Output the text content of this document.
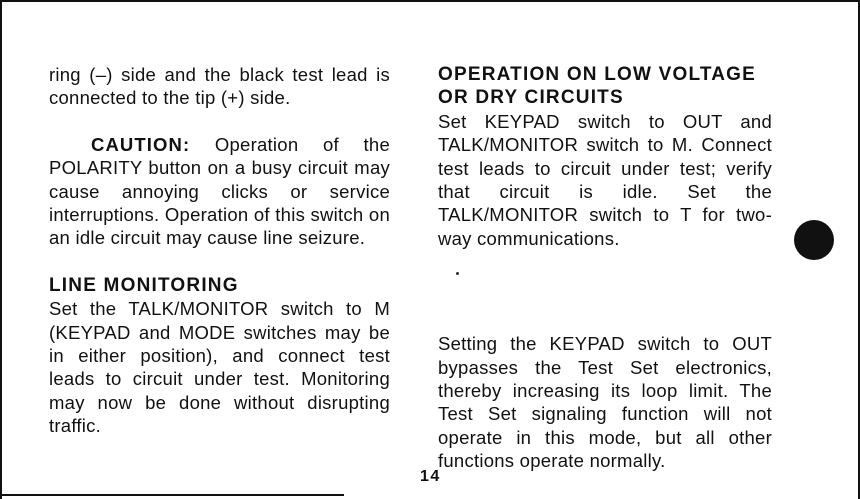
ring (–) side and the black test lead is connected to the tip (+) side.

CAUTION: Operation of the POLARITY button on a busy circuit may cause annoying clicks or service interruptions. Operation of this switch on an idle circuit may cause line seizure.

LINE MONITORING

Set the TALK/MONITOR switch to M (KEYPAD and MODE switches may be in either position), and connect test leads to circuit under test. Monitoring may now be done without disrupting traffic.

OPERATION ON LOW VOLTAGE OR DRY CIRCUITS

Set KEYPAD switch to OUT and TALK/MONITOR switch to M. Connect test leads to circuit under test; verify that circuit is idle. Set the TALK/MONITOR switch to T for two-way communications.

Setting the KEYPAD switch to OUT bypasses the Test Set electronics, thereby increasing its loop limit. The Test Set signaling function will not operate in this mode, but all other functions operate normally.

14
